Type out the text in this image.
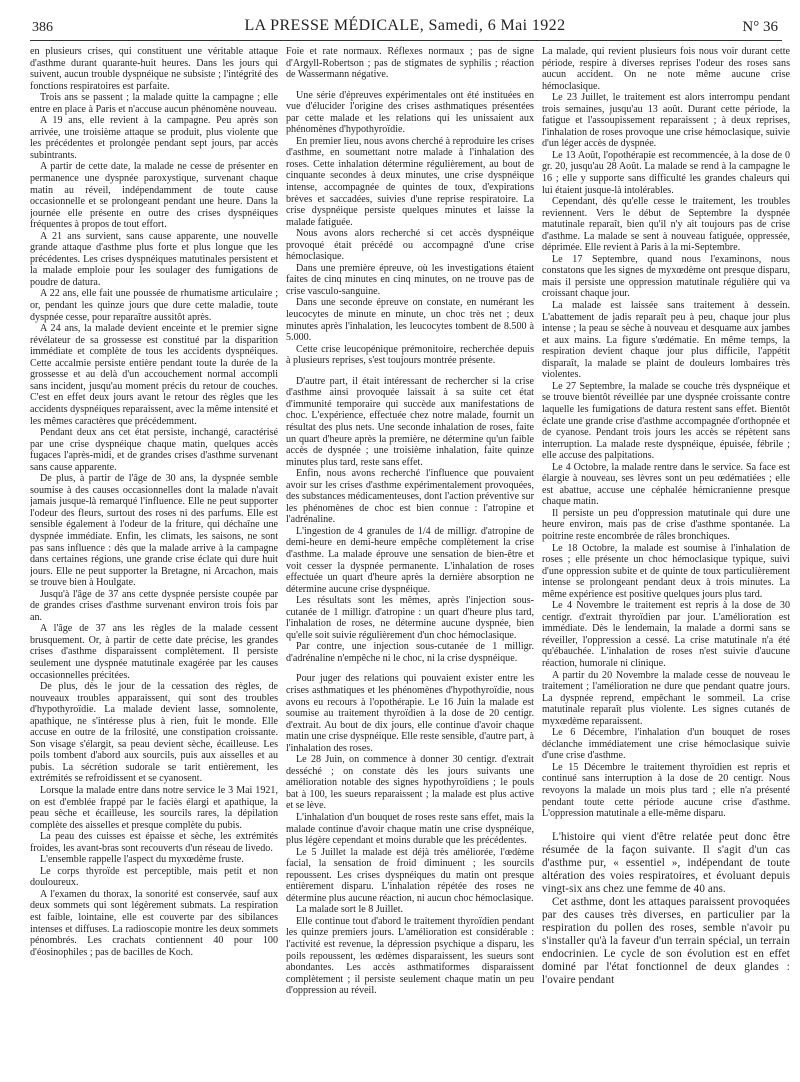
386	LA PRESSE MÉDICALE, Samedi, 6 Mai 1922	N° 36

en plusieurs crises, qui constituent une véritable attaque d'asthme durant quarante-huit heures. Dans les jours qui suivent, aucun trouble dyspnéique ne subsiste ; l'intégrité des fonctions respiratoires est parfaite.

Trois ans se passent ; la malade quitte la campagne ; elle entre en place à Paris et n'accuse aucun phénomène nouveau.

A 19 ans, elle revient à la campagne. Peu après son arrivée, une troisième attaque se produit, plus violente que les précédentes et prolongée pendant sept jours, par accès subintrants.

A partir de cette date, la malade ne cesse de présenter en permanence une dyspnée paroxystique, survenant chaque matin au réveil, indépendamment de toute cause occasionnelle et se prolongeant pendant une heure. Dans la journée elle présente en outre des crises dyspnéiques fréquentes à propos de tout effort.

A 21 ans survient, sans cause apparente, une nouvelle grande attaque d'asthme plus forte et plus longue que les précédentes. Les crises dyspnéiques matutinales persistent et la malade emploie pour les soulager des fumigations de poudre de datura.

A 22 ans, elle fait une poussée de rhumatisme articulaire ; or, pendant les quinze jours que dure cette maladie, toute dyspnée cesse, pour reparaître aussitôt après.

A 24 ans, la malade devient enceinte et le premier signe révélateur de sa grossesse est constitué par la disparition immédiate et complète de tous les accidents dyspnéiques. Cette accalmie persiste entière pendant toute la durée de la grossesse et au delà d'un accouchement normal accompli sans incident, jusqu'au moment précis du retour de couches. C'est en effet deux jours avant le retour des règles que les accidents dyspnéiques reparaissent, avec la même intensité et les mêmes caractères que précédemment.

Pendant deux ans cet état persiste, inchangé, caractérisé par une crise dyspnéique chaque matin, quelques accès fugaces l'après-midi, et de grandes crises d'asthme survenant sans cause apparente.

De plus, à partir de l'âge de 30 ans, la dyspnée semble soumise à des causes occasionnelles dont la malade n'avait jamais jusque-là remarqué l'influence. Elle ne peut supporter l'odeur des fleurs, surtout des roses ni des parfums. Elle est sensible également à l'odeur de la friture, qui déchaîne une dyspnée immédiate. Enfin, les climats, les saisons, ne sont pas sans influence : dès que la malade arrive à la campagne dans certaines régions, une grande crise éclate qui dure huit jours. Elle ne peut supporter la Bretagne, ni Arcachon, mais se trouve bien à Houlgate.

Jusqu'à l'âge de 37 ans cette dyspnée persiste coupée par de grandes crises d'asthme survenant environ trois fois par an.

A l'âge de 37 ans les règles de la malade cessent brusquement. Or, à partir de cette date précise, les grandes crises d'asthme disparaissent complètement. Il persiste seulement une dyspnée matutinale exagérée par les causes occasionnelles précitées.

De plus, dès le jour de la cessation des règles, de nouveaux troubles apparaissent, qui sont des troubles d'hypothyroïdie. La malade devient lasse, somnolente, apathique, ne s'intéresse plus à rien, fuit le monde. Elle accuse en outre de la frilosité, une constipation croissante. Son visage s'élargit, sa peau devient sèche, écailleuse. Les poils tombent d'abord aux sourcils, puis aux aisselles et au pubis. La sécrétion sudorale se tarit entièrement, les extrémités se refroidissent et se cyanosent.

Lorsque la malade entre dans notre service le 3 Mai 1921, on est d'emblée frappé par le faciès élargi et apathique, la peau sèche et écailleuse, les sourcils rares, la dépilation complète des aisselles et presque complète du pubis.

La peau des cuisses est épaisse et sèche, les extrémités froides, les avant-bras sont recouverts d'un réseau de livedo.

L'ensemble rappelle l'aspect du myxœdème fruste.

Le corps thyroïde est perceptible, mais petit et non douloureux.

A l'examen du thorax, la sonorité est conservée, sauf aux deux sommets qui sont légèrement submats. La respiration est faible, lointaine, elle est couverte par des sibilances intenses et diffuses. La radioscopie montre les deux sommets pénombrés. Les crachats contiennent 40 pour 100 d'éosinophiles ; pas de bacilles de Koch.

Foie et rate normaux. Réflexes normaux ; pas de signe d'Argyll-Robertson ; pas de stigmates de syphilis ; réaction de Wassermann négative.

Une série d'épreuves expérimentales ont été instituées en vue d'élucider l'origine des crises asthmatiques présentées par cette malade et les relations qui les unissaient aux phénomènes d'hypothyroïdie.

En premier lieu, nous avons cherché à reproduire les crises d'asthme, en soumettant notre malade à l'inhalation des roses. Cette inhalation détermine régulièrement, au bout de cinquante secondes à deux minutes, une crise dyspnéique intense, accompagnée de quintes de toux, d'expirations brèves et saccadées, suivies d'une reprise respiratoire. La crise dyspnéique persiste quelques minutes et laisse la malade fatiguée.

Nous avons alors recherché si cet accès dyspnéique provoqué était précédé ou accompagné d'une crise hémoclasique.

Dans une première épreuve, où les investigations étaient faites de cinq minutes en cinq minutes, on ne trouve pas de crise vasculo-sanguine.

Dans une seconde épreuve on constate, en numérant les leucocytes de minute en minute, un choc très net ; deux minutes après l'inhalation, les leucocytes tombent de 8.500 à 5.000.

Cette crise leucopénique prémonitoire, recherchée depuis à plusieurs reprises, s'est toujours montrée présente.

D'autre part, il était intéressant de rechercher si la crise d'asthme ainsi provoquée laissait à sa suite cet état d'immunité temporaire qui succède aux manifestations de choc. L'expérience, effectuée chez notre malade, fournit un résultat des plus nets. Une seconde inhalation de roses, faite un quart d'heure après la première, ne détermine qu'un faible accès de dyspnée ; une troisième inhalation, faite quinze minutes plus tard, reste sans effet.

Enfin, nous avons recherché l'influence que pouvaient avoir sur les crises d'asthme expérimentalement provoquées, des substances médicamenteuses, dont l'action préventive sur les phénomènes de choc est bien connue : l'atropine et l'adrénaline.

L'ingestion de 4 granules de 1/4 de milligr. d'atropine de demi-heure en demi-heure empêche complètement la crise d'asthme. La malade éprouve une sensation de bien-être et voit cesser la dyspnée permanente. L'inhalation de roses effectuée un quart d'heure après la dernière absorption ne détermine aucune crise dyspnéique.

Les résultats sont les mêmes, après l'injection sous-cutanée de 1 milligr. d'atropine : un quart d'heure plus tard, l'inhalation de roses, ne détermine aucune dyspnée, bien qu'elle soit suivie régulièrement d'un choc hémoclasique.

Par contre, une injection sous-cutanée de 1 milligr. d'adrénaline n'empêche ni le choc, ni la crise dyspnéique.

Pour juger des relations qui pouvaient exister entre les crises asthmatiques et les phénomènes d'hypothyroïdie, nous avons eu recours à l'opothérapie. Le 16 Juin la malade est soumise au traitement thyroïdien à la dose de 20 centigr. d'extrait. Au bout de dix jours, elle continue d'avoir chaque matin une crise dyspnéique. Elle reste sensible, d'autre part, à l'inhalation des roses.

Le 28 Juin, on commence à donner 30 centigr. d'extrait desséché ; on constate dès les jours suivants une amélioration notable des signes hypothyroïdiens ; le pouls bat à 100, les sueurs reparaissent ; la malade est plus active et se lève.

L'inhalation d'un bouquet de roses reste sans effet, mais la malade continue d'avoir chaque matin une crise dyspnéique, plus légère cependant et moins durable que les précédentes.

Le 5 Juillet la malade est déjà très améliorée, l'œdème facial, la sensation de froid diminuent ; les sourcils repoussent. Les crises dyspnéiques du matin ont presque entièrement disparu. L'inhalation répétée des roses ne détermine plus aucune réaction, ni aucun choc hémoclasique.

La malade sort le 8 Juillet.

Elle continue tout d'abord le traitement thyroïdien pendant les quinze premiers jours. L'amélioration est considérable : l'activité est revenue, la dépression psychique a disparu, les poils repoussent, les œdèmes disparaissent, les sueurs sont abondantes. Les accès asthmatiformes disparaissent complètement ; il persiste seulement chaque matin un peu d'oppression au réveil.

La malade, qui revient plusieurs fois nous voir durant cette période, respire à diverses reprises l'odeur des roses sans aucun accident. On ne note même aucune crise hémoclasique.

Le 23 Juillet, le traitement est alors interrompu pendant trois semaines, jusqu'au 13 août. Durant cette période, la fatigue et l'assoupissement reparaissent ; à deux reprises, l'inhalation de roses provoque une crise hémoclasique, suivie d'un léger accès de dyspnée.

Le 13 Août, l'opothérapie est recommencée, à la dose de 0 gr. 20, jusqu'au 28 Août. La malade se rend à la campagne le 16 ; elle y supporte sans difficulté les grandes chaleurs qui lui étaient jusque-là intolérables.

Cependant, dès qu'elle cesse le traitement, les troubles reviennent. Vers le début de Septembre la dyspnée matutinale reparaît, bien qu'il n'y ait toujours pas de crise d'asthme. La malade se sent à nouveau fatiguée, oppressée, déprimée. Elle revient à Paris à la mi-Septembre.

Le 17 Septembre, quand nous l'examinons, nous constatons que les signes de myxœdème ont presque disparu, mais il persiste une oppression matutinale régulière qui va croissant chaque jour.

La malade est laissée sans traitement à dessein. L'abattement de jadis reparaît peu à peu, chaque jour plus intense ; la peau se sèche à nouveau et desquame aux jambes et aux mains. La figure s'œdématie. En même temps, la respiration devient chaque jour plus difficile, l'appétit disparaît, la malade se plaint de douleurs lombaires très violentes.

Le 27 Septembre, la malade se couche très dyspnéique et se trouve bientôt réveillée par une dyspnée croissante contre laquelle les fumigations de datura restent sans effet. Bientôt éclate une grande crise d'asthme accompagnée d'orthopnée et de cyanose. Pendant trois jours les accès se répètent sans interruption. La malade reste dyspnéique, épuisée, fébrile ; elle accuse des palpitations.

Le 4 Octobre, la malade rentre dans le service. Sa face est élargie à nouveau, ses lèvres sont un peu œdématiées ; elle est abattue, accuse une céphalée hémicranienne presque chaque matin.

Il persiste un peu d'oppression matutinale qui dure une heure environ, mais pas de crise d'asthme spontanée. La poitrine reste encombrée de râles bronchiques.

Le 18 Octobre, la malade est soumise à l'inhalation de roses ; elle présente un choc hémoclasique typique, suivi d'une oppression subite et de quinte de toux particulièrement intense se prolongeant pendant deux à trois minutes. La même expérience est positive quelques jours plus tard.

Le 4 Novembre le traitement est repris à la dose de 30 centigr. d'extrait thyroïdien par jour. L'amélioration est immédiate. Dès le lendemain, la malade a dormi sans se réveiller, l'oppression a cessé. La crise matutinale n'a été qu'ébauchée. L'inhalation de roses n'est suivie d'aucune réaction, humorale ni clinique.

A partir du 20 Novembre la malade cesse de nouveau le traitement ; l'amélioration ne dure que pendant quatre jours. La dyspnée reprend, empêchant le sommeil. La crise matutinale reparaît plus violente. Les signes cutanés de myxœdème reparaissent.

Le 6 Décembre, l'inhalation d'un bouquet de roses déclanche immédiatement une crise hémoclasique suivie d'une crise d'asthme.

Le 15 Décembre le traitement thyroïdien est repris et continué sans interruption à la dose de 20 centigr. Nous revoyons la malade un mois plus tard ; elle n'a présenté pendant toute cette période aucune crise d'asthme. L'oppression matutinale a elle-même disparu.

L'histoire qui vient d'être relatée peut donc être résumée de la façon suivante. Il s'agit d'un cas d'asthme pur, « essentiel », indépendant de toute altération des voies respiratoires, et évoluant depuis vingt-six ans chez une femme de 40 ans.

Cet asthme, dont les attaques paraissent provoquées par des causes très diverses, en particulier par la respiration du pollen des roses, semble n'avoir pu s'installer qu'à la faveur d'un terrain spécial, un terrain endocrinien. Le cycle de son évolution est en effet dominé par l'état fonctionnel de deux glandes : l'ovaire pendant
